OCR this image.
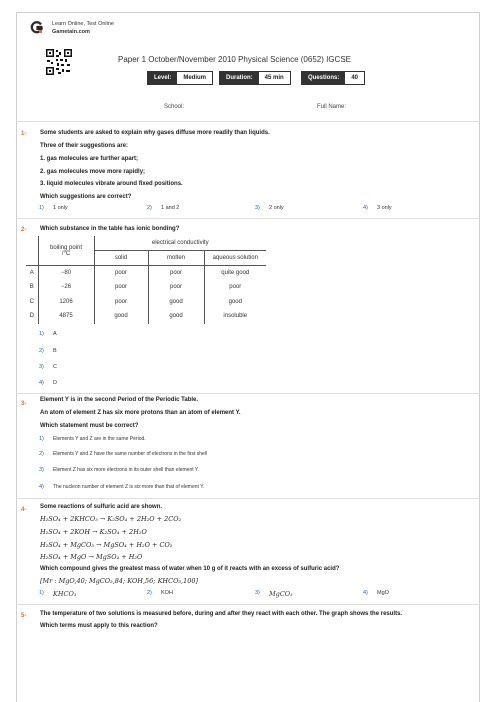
Learn Online, Test Online
Gametain.com
Paper 1 October/November 2010 Physical Science (0652) IGCSE
Level:	Medium	Duration:	45 min	Questions:	40
School:	Full Name:
1- Some students are asked to explain why gases diffuse more readily than liquids.
Three of their suggestions are:
1. gas molecules are further apart;
2. gas molecules move more rapidly;
3. liquid molecules vibrate around fixed positions.
Which suggestions are correct?
1) 1 only	2) 1 and 2	3) 2 only	4) 3 only
2- Which substance in the table has ionic bonding?
	boiling point	electrical conductivity		
	/°C	solid	molten	aqueous solution
A	−80	poor	poor	quite good
B	−26	poor	poor	poor
C	1206	poor	good	good
D	4875	good	good	insoluble
1) A
2) B
3) C
4) D
3-
Element Y is in the second Period of the Periodic Table.
An atom of element Z has six more protons than an atom of element Y.
Which statement must be correct?
1) Elements Y and Z are in the same Period.
2) Elements Y and Z have the same number of electrons in the first shell
3) Element Z has six more electrons in its outer shell than element Y.
4) The nucleon number of element Z is six more than that of element Y.
4- Some reactions of sulfuric acid are shown.
H₂SO₄ + 2KHCO₃ → K₂SO₄ + 2H₂O + 2CO₂
H₂SO₄ + 2KOH → K₂SO₄ + 2H₂O
H₂SO₄ + MgCO₃ → MgSO₄ + H₂O + CO₂
H₂SO₄ + MgO → MgSO₄ + H₂O
Which compound gives the greatest mass of water when 10 g of it reacts with an excess of sulfuric acid?
[Mr : MgO,40; MgCO₃,84; KOH,56; KHCO₃,100]
1) KHCO₃	2) KOH	3) MgCO₃	4) MgO
5- The temperature of two solutions is measured before, during and after they react with each other. The graph shows the results.
Which terms must apply to this reaction?
